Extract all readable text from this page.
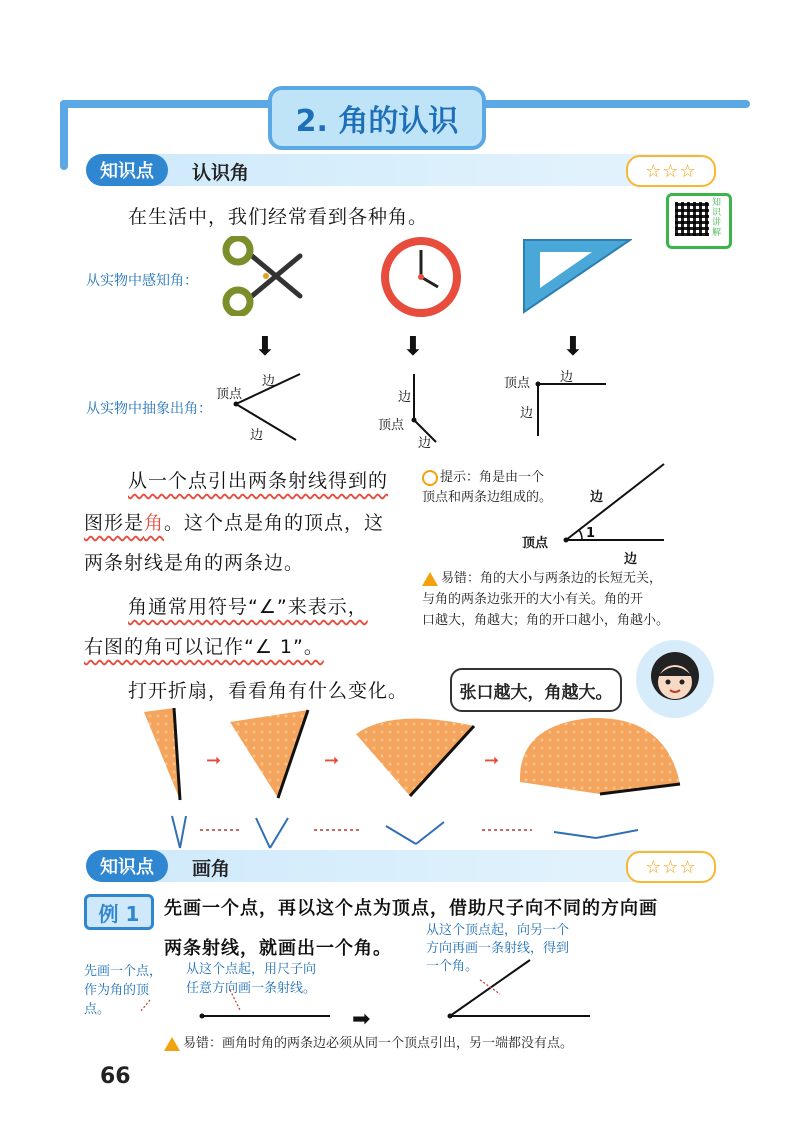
2. 角的认识
知识点	认识角	☆☆☆
知识讲解
在生活中，我们经常看到各种角。
从实物中感知角：
从实物中抽象出角：
⬇	⬇	⬇
顶点
边
边
边
顶点
边
顶点 边
边
从一个点引出两条射线得到的
图形是角。这个点是角的顶点，这
两条射线是角的两条边。
角通常用符号“∠”来表示，
右图的角可以记作“∠ 1”。
提示：角是由一个
顶点和两条边组成的。
顶点
边
边
1
易错：角的大小与两条边的长短无关，
与角的两条边张开的大小有关。角的开
口越大，角越大；角的开口越小，角越小。
打开折扇，看看角有什么变化。	张口越大，角越大。
➞	➞	➞
知识点	画角	☆☆☆
例 1	先画一个点，再以这个点为顶点，借助尺子向不同的方向画
两条射线，就画出一个角。
先画一个点，
作为角的顶
点。
从这个点起，用尺子向
任意方向画一条射线。
从这个顶点起，向另一个
方向再画一条射线，得到
一个角。
➡
易错：画角时角的两条边必须从同一个顶点引出，另一端都没有点。
66
